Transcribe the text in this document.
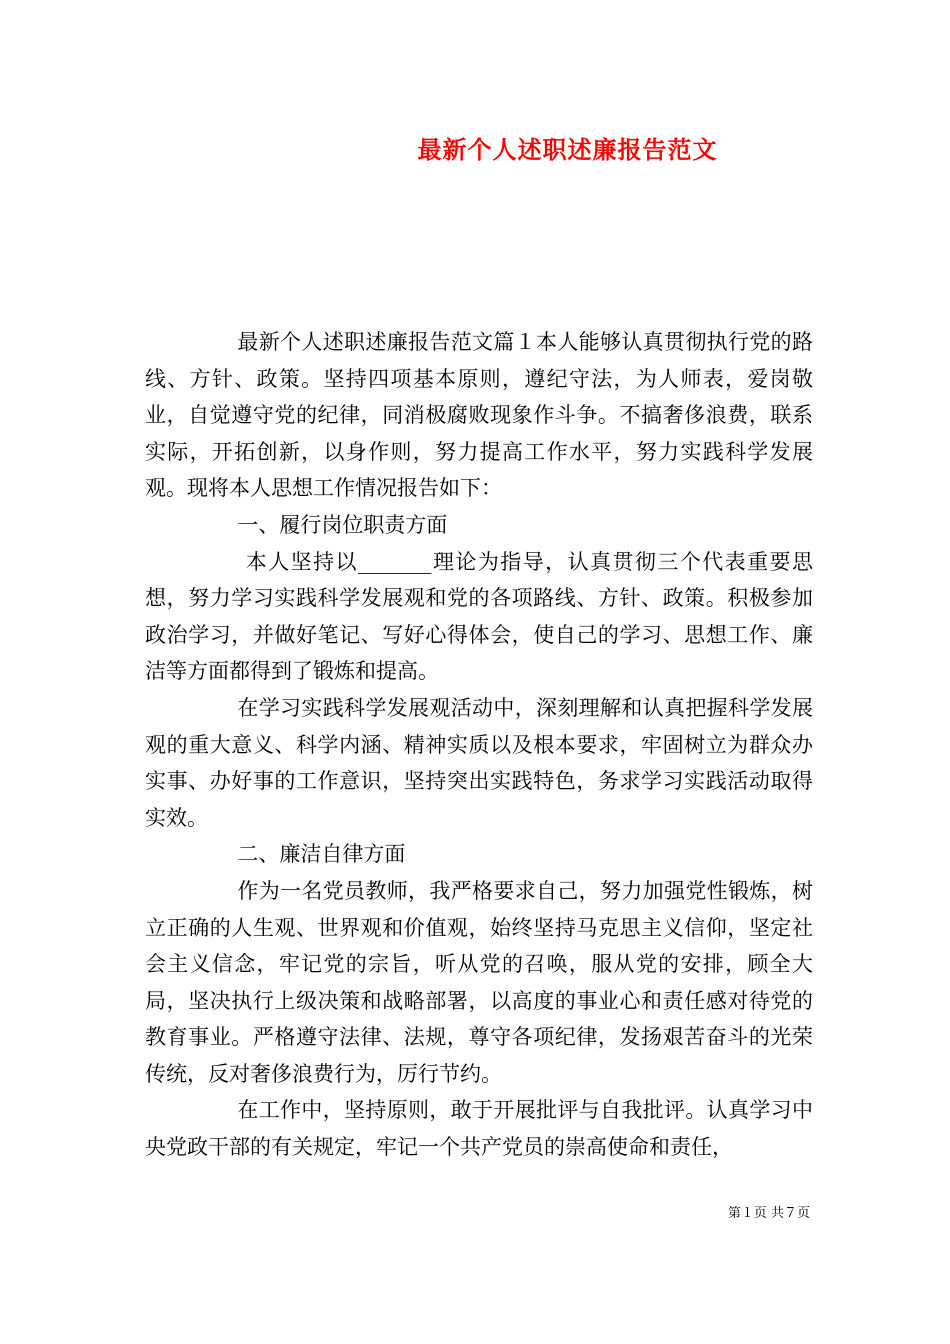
最新个人述职述廉报告范文

最新个人述职述廉报告范文篇１本人能够认真贯彻执行党的路线、方针、政策。坚持四项基本原则，遵纪守法，为人师表，爱岗敬业，自觉遵守党的纪律，同消极腐败现象作斗争。不搞奢侈浪费，联系实际，开拓创新，以身作则，努力提高工作水平，努力实践科学发展观。现将本人思想工作情况报告如下：

一、履行岗位职责方面

本人坚持以_______理论为指导，认真贯彻三个代表重要思想，努力学习实践科学发展观和党的各项路线、方针、政策。积极参加政治学习，并做好笔记、写好心得体会，使自己的学习、思想工作、廉洁等方面都得到了锻炼和提高。

在学习实践科学发展观活动中，深刻理解和认真把握科学发展观的重大意义、科学内涵、精神实质以及根本要求，牢固树立为群众办实事、办好事的工作意识，坚持突出实践特色，务求学习实践活动取得实效。

二、廉洁自律方面

作为一名党员教师，我严格要求自己，努力加强党性锻炼，树立正确的人生观、世界观和价值观，始终坚持马克思主义信仰，坚定社会主义信念，牢记党的宗旨，听从党的召唤，服从党的安排，顾全大局，坚决执行上级决策和战略部署，以高度的事业心和责任感对待党的教育事业。严格遵守法律、法规，尊守各项纪律，发扬艰苦奋斗的光荣传统，反对奢侈浪费行为，厉行节约。

在工作中，坚持原则，敢于开展批评与自我批评。认真学习中央党政干部的有关规定，牢记一个共产党员的崇高使命和责任，

第１页 共７页
